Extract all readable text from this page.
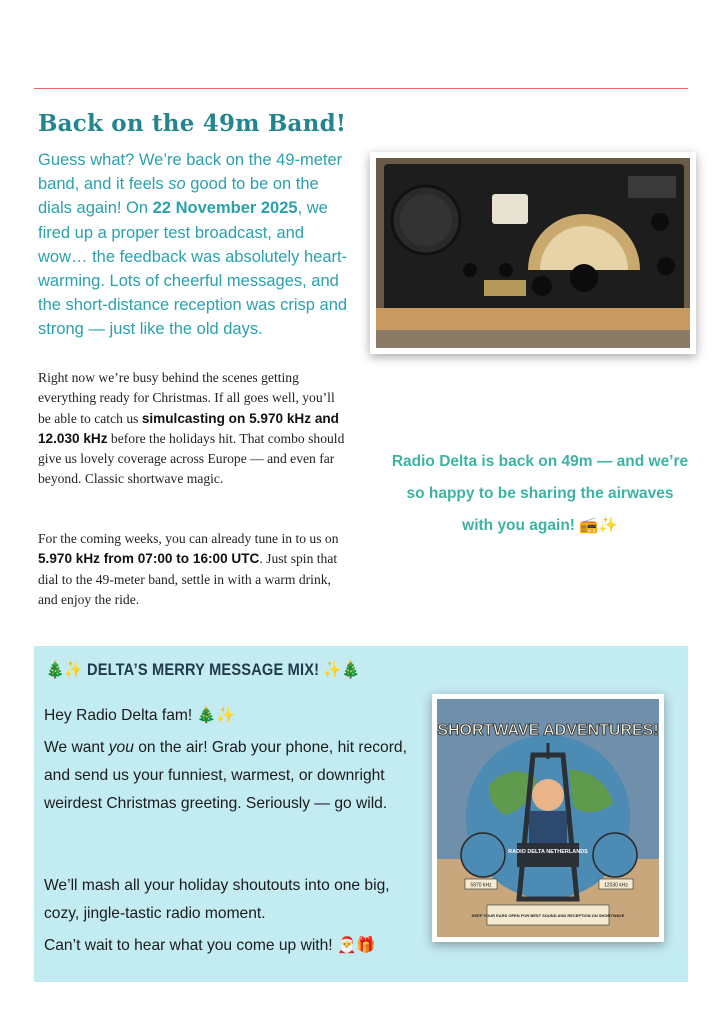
Back on the 49m Band!
Guess what? We’re back on the 49-meter band, and it feels so good to be on the dials again! On 22 November 2025, we fired up a proper test broadcast, and wow… the feedback was absolutely heart-warming. Lots of cheerful messages, and the short-distance reception was crisp and strong — just like the old days.
Right now we’re busy behind the scenes getting everything ready for Christmas. If all goes well, you’ll be able to catch us simulcasting on 5.970 kHz and 12.030 kHz before the holidays hit. That combo should give us lovely coverage across Europe — and even far beyond. Classic shortwave magic.
For the coming weeks, you can already tune in to us on 5.970 kHz from 07:00 to 16:00 UTC. Just spin that dial to the 49-meter band, settle in with a warm drink, and enjoy the ride.
Radio Delta is back on 49m — and we’re so happy to be sharing the airwaves with you again! 📻✨
🎄✨ DELTA’S MERRY MESSAGE MIX! ✨🎄
Hey Radio Delta fam! 🎄✨
We want you on the air! Grab your phone, hit record, and send us your funniest, warmest, or downright weirdest Christmas greeting. Seriously — go wild.
We’ll mash all your holiday shoutouts into one big, cozy, jingle-tastic radio moment.
Can’t wait to hear what you come up with! 🎅🎁
SHORTWAVE ADVENTURES!
RADIO DELTA NETHERLANDS
5970 kHz	12030 kHz
KEEP YOUR EARS OPEN FOR BEST SOUND AND RECEPTION ON SHORTWAVE
